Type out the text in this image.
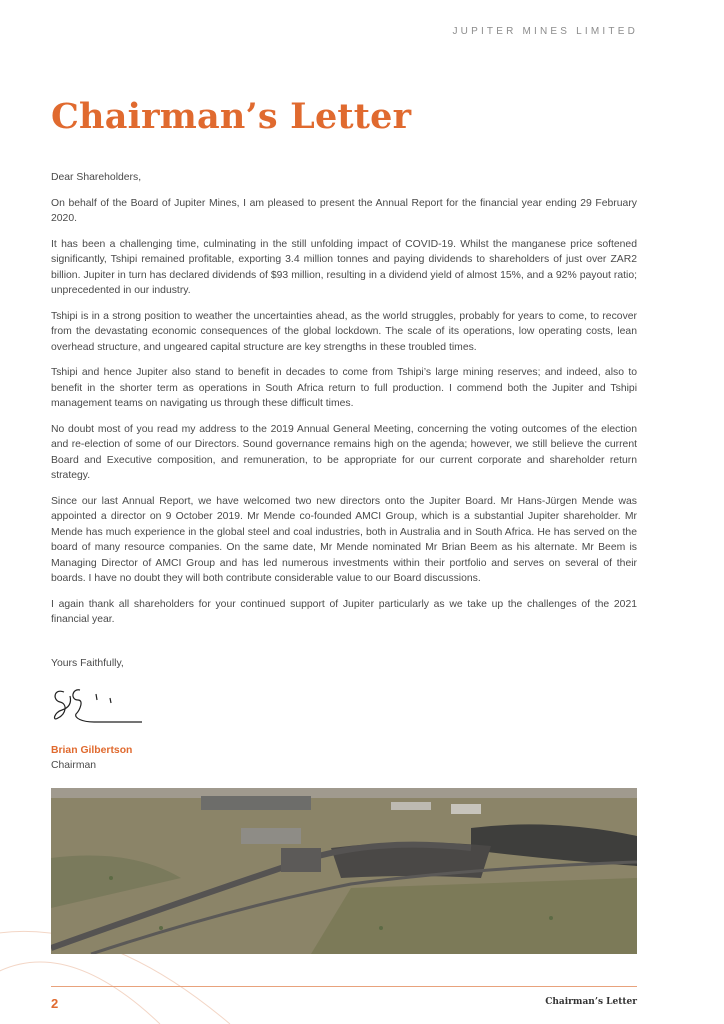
JUPITER MINES LIMITED
Chairman’s Letter

Dear Shareholders,

On behalf of the Board of Jupiter Mines, I am pleased to present the Annual Report for the financial year ending 29 February 2020.

It has been a challenging time, culminating in the still unfolding impact of COVID-19. Whilst the manganese price softened significantly, Tshipi remained profitable, exporting 3.4 million tonnes and paying dividends to shareholders of just over ZAR2 billion. Jupiter in turn has declared dividends of $93 million, resulting in a dividend yield of almost 15%, and a 92% payout ratio; unprecedented in our industry.

Tshipi is in a strong position to weather the uncertainties ahead, as the world struggles, probably for years to come, to recover from the devastating economic consequences of the global lockdown. The scale of its operations, low operating costs, lean overhead structure, and ungeared capital structure are key strengths in these troubled times.

Tshipi and hence Jupiter also stand to benefit in decades to come from Tshipi’s large mining reserves; and indeed, also to benefit in the shorter term as operations in South Africa return to full production. I commend both the Jupiter and Tshipi management teams on navigating us through these difficult times.

No doubt most of you read my address to the 2019 Annual General Meeting, concerning the voting outcomes of the election and re-election of some of our Directors. Sound governance remains high on the agenda; however, we still believe the current Board and Executive composition, and remuneration, to be appropriate for our current corporate and shareholder return strategy.

Since our last Annual Report, we have welcomed two new directors onto the Jupiter Board. Mr Hans-Jürgen Mende was appointed a director on 9 October 2019. Mr Mende co-founded AMCI Group, which is a substantial Jupiter shareholder. Mr Mende has much experience in the global steel and coal industries, both in Australia and in South Africa. He has served on the board of many resource companies. On the same date, Mr Mende nominated Mr Brian Beem as his alternate. Mr Beem is Managing Director of AMCI Group and has led numerous investments within their portfolio and serves on several of their boards. I have no doubt they will both contribute considerable value to our Board discussions.

I again thank all shareholders for your continued support of Jupiter particularly as we take up the challenges of the 2021 financial year.

Yours Faithfully,
Brian Gilbertson
Chairman
2	Chairman’s Letter
